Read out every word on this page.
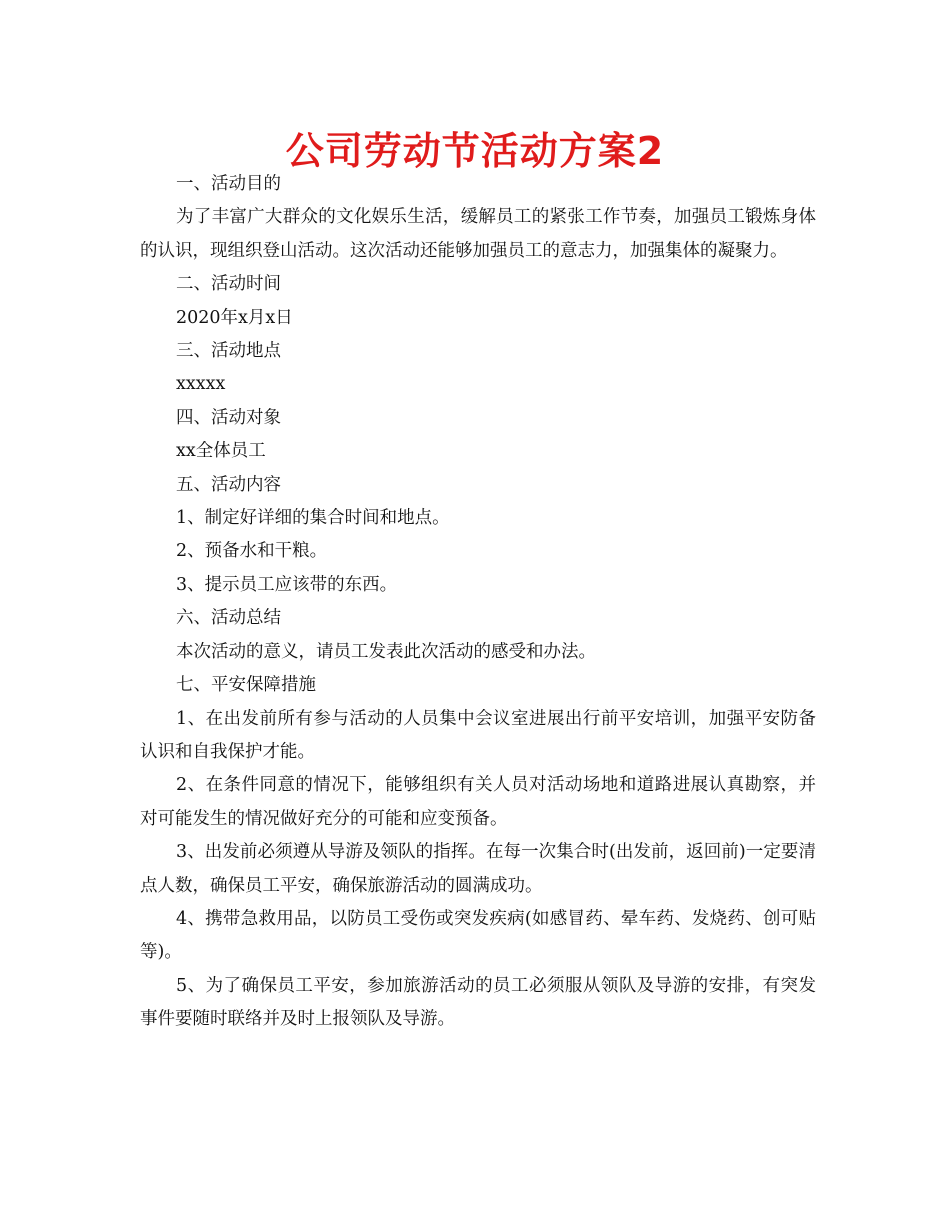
公司劳动节活动方案2

一、活动目的

为了丰富广大群众的文化娱乐生活，缓解员工的紧张工作节奏，加强员工锻炼身体的认识，现组织登山活动。这次活动还能够加强员工的意志力，加强集体的凝聚力。

二、活动时间

2020年x月x日

三、活动地点

xxxxx

四、活动对象

xx全体员工

五、活动内容

1、制定好详细的集合时间和地点。

2、预备水和干粮。

3、提示员工应该带的东西。

六、活动总结

本次活动的意义，请员工发表此次活动的感受和办法。

七、平安保障措施

1、在出发前所有参与活动的人员集中会议室进展出行前平安培训，加强平安防备认识和自我保护才能。

2、在条件同意的情况下，能够组织有关人员对活动场地和道路进展认真勘察，并对可能发生的情况做好充分的可能和应变预备。

3、出发前必须遵从导游及领队的指挥。在每一次集合时(出发前，返回前)一定要清点人数，确保员工平安，确保旅游活动的圆满成功。

4、携带急救用品，以防员工受伤或突发疾病(如感冒药、晕车药、发烧药、创可贴等)。

5、为了确保员工平安，参加旅游活动的员工必须服从领队及导游的安排，有突发事件要随时联络并及时上报领队及导游。
